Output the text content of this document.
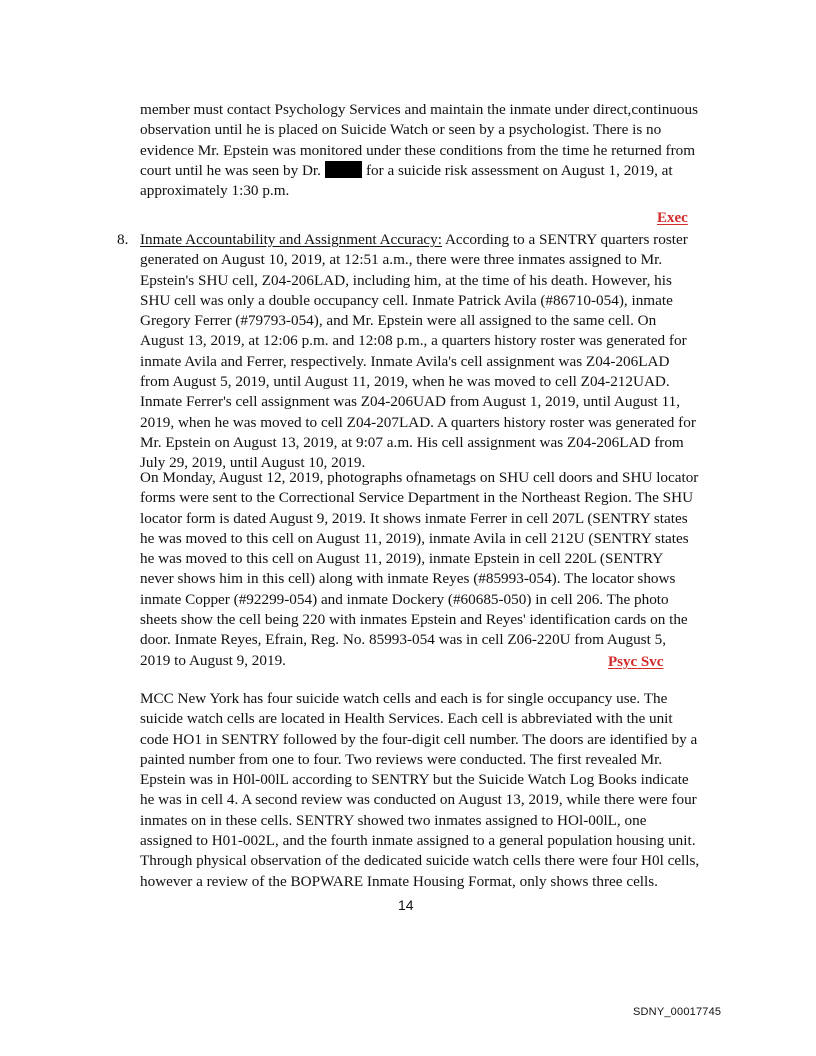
member must contact Psychology Services and maintain the inmate under direct,continuous observation until he is placed on Suicide Watch or seen by a psychologist. There is no evidence Mr. Epstein was monitored under these conditions from the time he returned from court until he was seen by Dr.	for a suicide risk assessment on August 1, 2019, at approximately 1:30 p.m.

Exec
8. Inmate Accountability and Assignment Accuracy: According to a SENTRY quarters roster generated on August 10, 2019, at 12:51 a.m., there were three inmates assigned to Mr. Epstein's SHU cell, Z04-206LAD, including him, at the time of his death. However, his SHU cell was only a double occupancy cell. Inmate Patrick Avila (#86710-054), inmate Gregory Ferrer (#79793-054), and Mr. Epstein were all assigned to the same cell. On August 13, 2019, at 12:06 p.m. and 12:08 p.m., a quarters history roster was generated for inmate Avila and Ferrer, respectively. Inmate Avila's cell assignment was Z04-206LAD from August 5, 2019, until August 11, 2019, when he was moved to cell Z04-212UAD. Inmate Ferrer's cell assignment was Z04-206UAD from August 1, 2019, until August 11, 2019, when he was moved to cell Z04-207LAD. A quarters history roster was generated for Mr. Epstein on August 13, 2019, at 9:07 a.m. His cell assignment was Z04-206LAD from July 29, 2019, until August 10, 2019.

On Monday, August 12, 2019, photographs ofnametags on SHU cell doors and SHU locator forms were sent to the Correctional Service Department in the Northeast Region. The SHU locator form is dated August 9, 2019. It shows inmate Ferrer in cell 207L (SENTRY states he was moved to this cell on August 11, 2019), inmate Avila in cell 212U (SENTRY states he was moved to this cell on August 11, 2019), inmate Epstein in cell 220L (SENTRY never shows him in this cell) along with inmate Reyes (#85993-054). The locator shows inmate Copper (#92299-054) and inmate Dockery (#60685-050) in cell 206. The photo sheets show the cell being 220 with inmates Epstein and Reyes' identification cards on the door. Inmate Reyes, Efrain, Reg. No. 85993-054 was in cell Z06-220U from August 5, 2019 to August 9, 2019.	Psyc Svc

MCC New York has four suicide watch cells and each is for single occupancy use. The suicide watch cells are located in Health Services. Each cell is abbreviated with the unit code HO1 in SENTRY followed by the four-digit cell number. The doors are identified by a painted number from one to four. Two reviews were conducted. The first revealed Mr. Epstein was in H0l-00lL according to SENTRY but the Suicide Watch Log Books indicate he was in cell 4. A second review was conducted on August 13, 2019, while there were four inmates on in these cells. SENTRY showed two inmates assigned to HOl-00lL, one assigned to H01-002L, and the fourth inmate assigned to a general population housing unit. Through physical observation of the dedicated suicide watch cells there were four H0l cells, however a review of the BOPWARE Inmate Housing Format, only shows three cells.

14
SDNY_00017745
